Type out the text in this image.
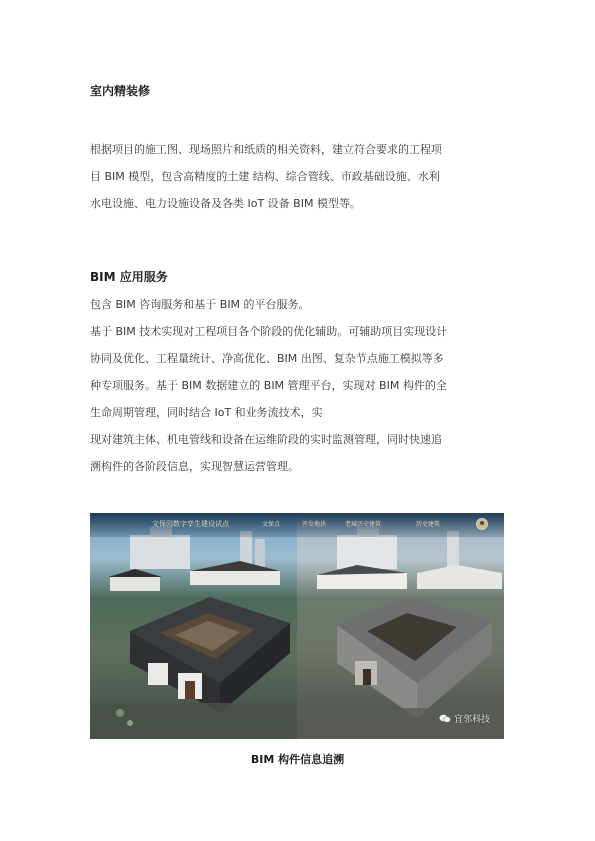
室内精装修

根据项目的施工图、现场照片和纸质的相关资料，建立符合要求的工程项

目 BIM 模型，包含高精度的土建 结构、综合管线、市政基础设施、水利

水电设施、电力设施设备及各类 IoT 设备 BIM 模型等。

BIM 应用服务

包含 BIM 咨询服务和基于 BIM 的平台服务。

基于 BIM 技术实现对工程项目各个阶段的优化辅助。可辅助项目实现设计

协同及优化、工程量统计、净高优化、BIM 出图、复杂节点施工模拟等多

种专项服务。基于 BIM 数据建立的 BIM 管理平台，实现对 BIM 构件的全

生命周期管理，同时结合 IoT 和业务流技术，实

现对建筑主体、机电管线和设备在运维阶段的实时监测管理，同时快速追

溯构件的各阶段信息，实现智慧运营管理。

宜邻科技
文保园数字孪生建设试点	文保点	开发地块	老城历史建筑	历史建筑
BIM 构件信息追溯
